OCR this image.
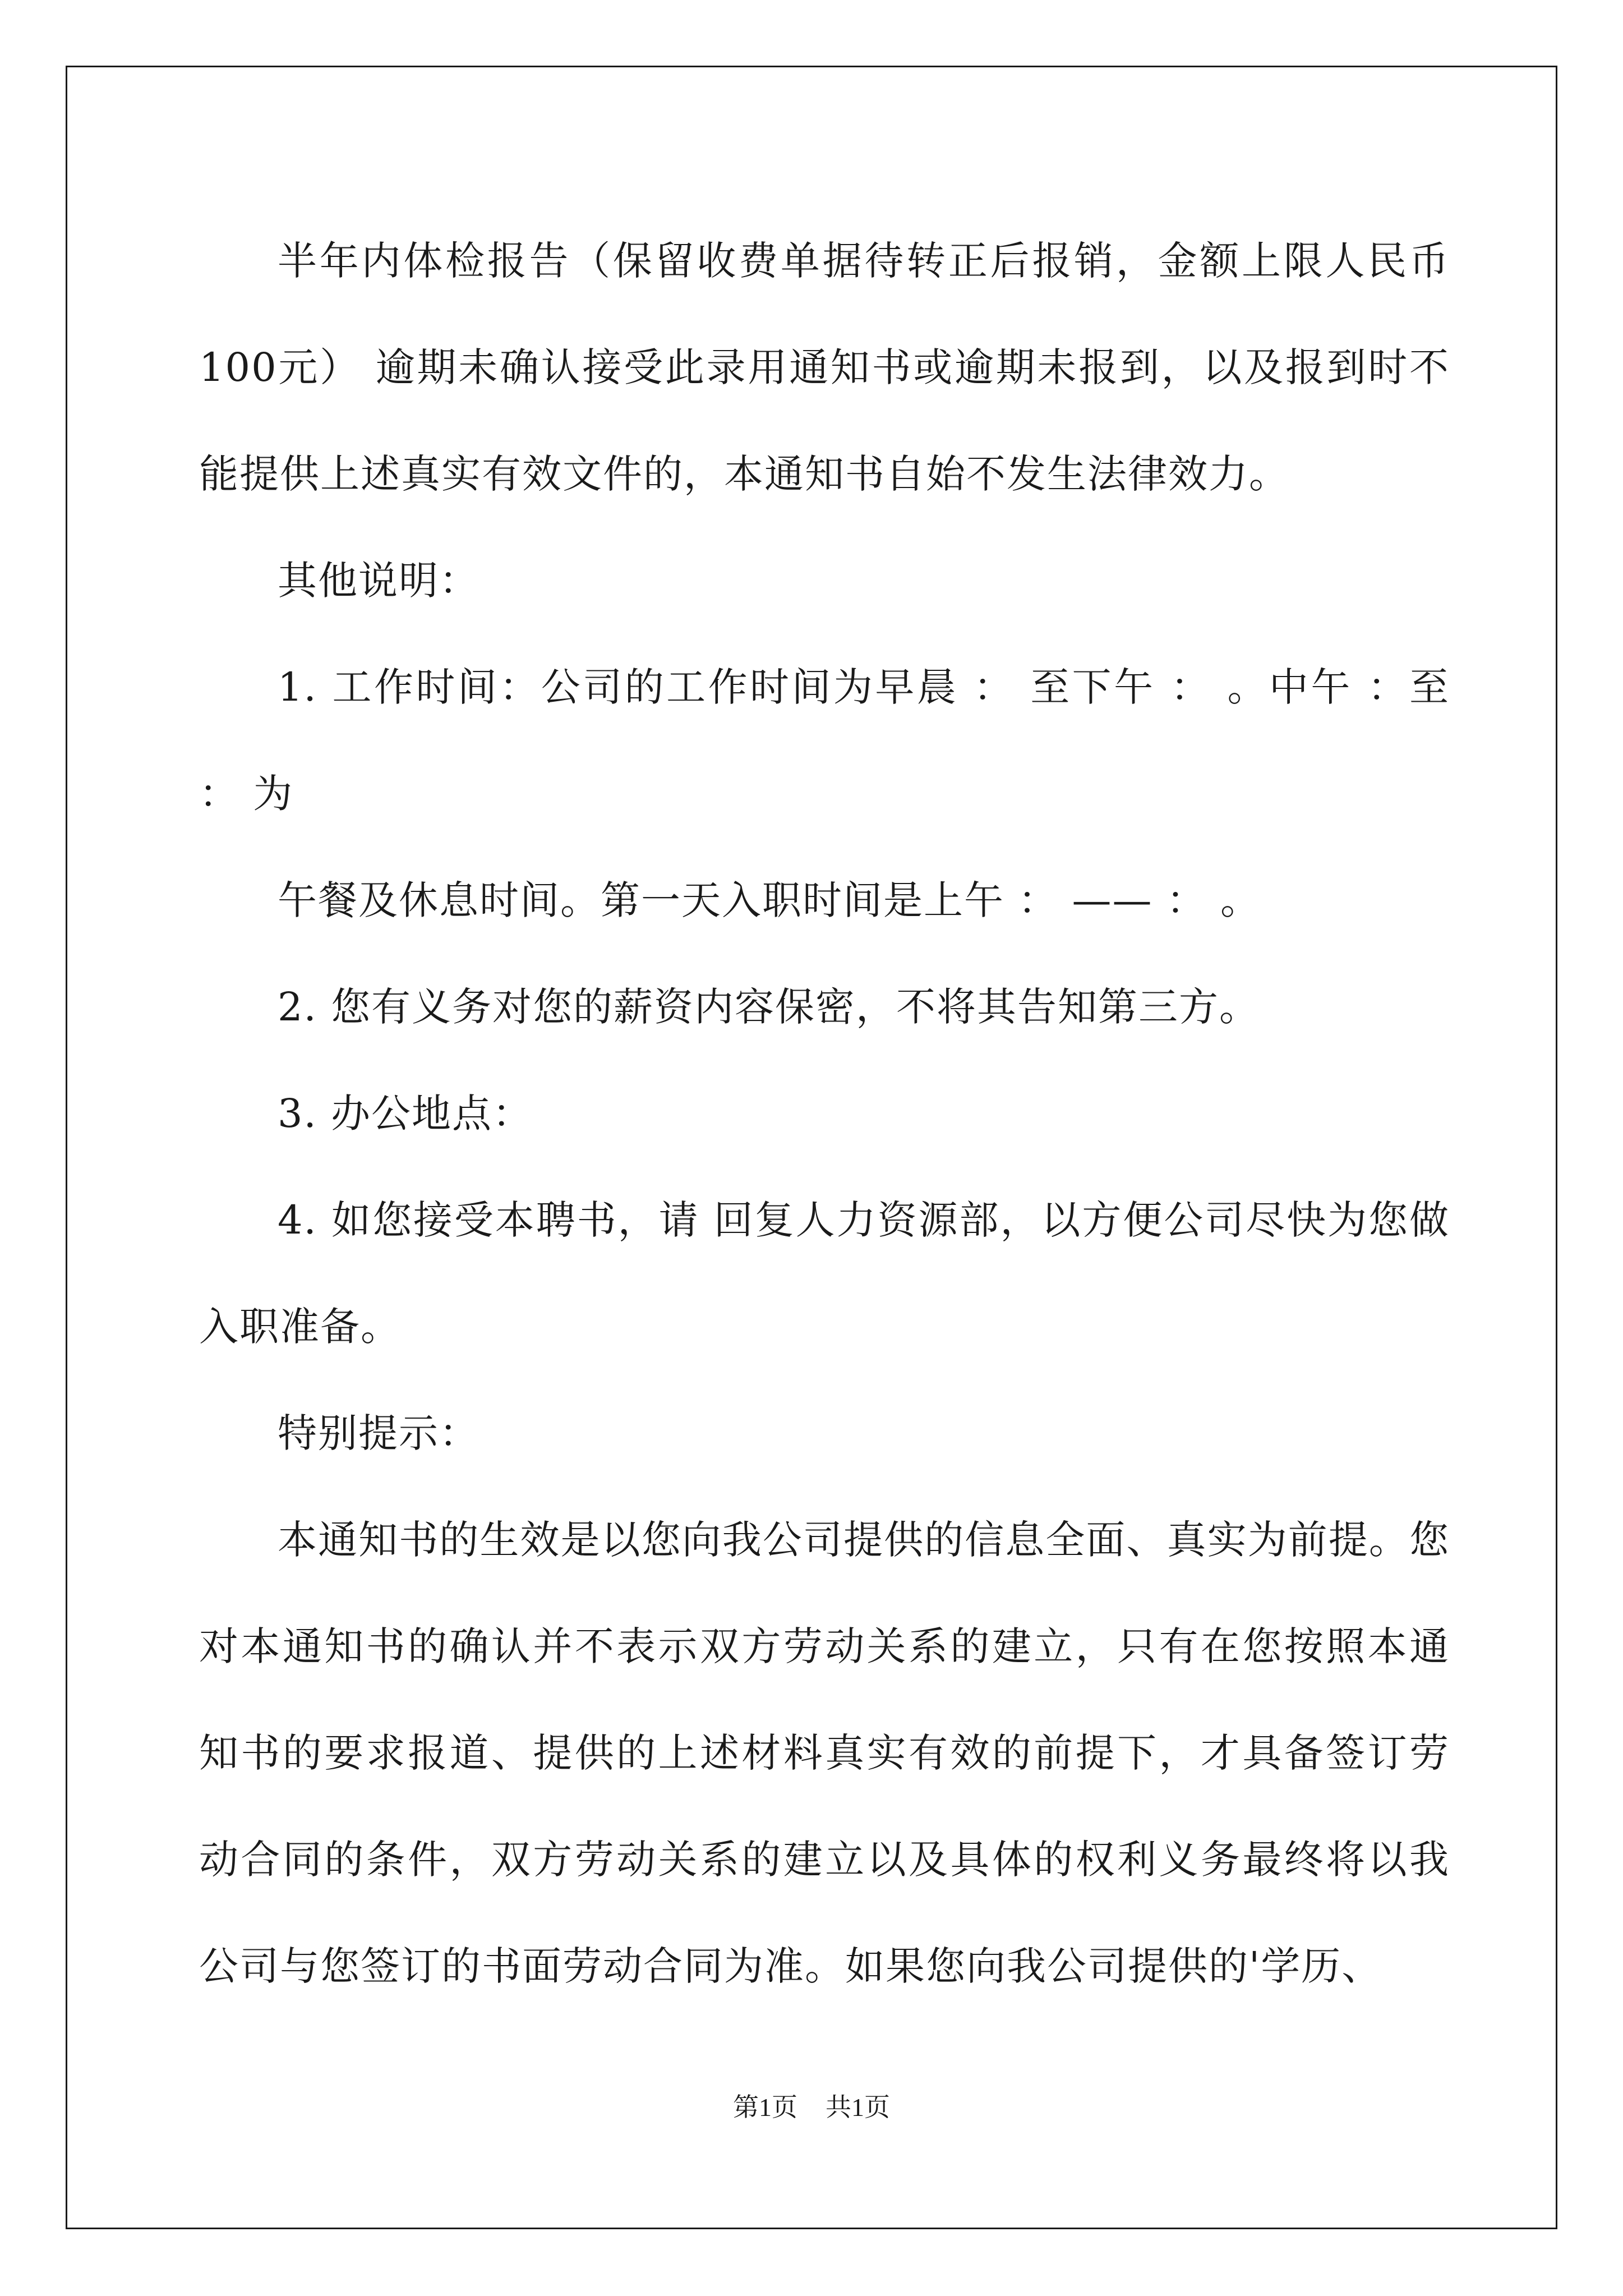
半年内体检报告（保留收费单据待转正后报销，金额上限人民币100元） 逾期未确认接受此录用通知书或逾期未报到，以及报到时不能提供上述真实有效文件的，本通知书自始不发生法律效力。

其他说明：

1. 工作时间：公司的工作时间为早晨 ： 至下午 ： 。中午 ：至 ： 为

午餐及休息时间。第一天入职时间是上午 ： —— ： 。

2. 您有义务对您的薪资内容保密，不将其告知第三方。

3. 办公地点：

4. 如您接受本聘书，请 回复人力资源部，以方便公司尽快为您做入职准备。

特别提示：

本通知书的生效是以您向我公司提供的信息全面、真实为前提。您对本通知书的确认并不表示双方劳动关系的建立，只有在您按照本通知书的要求报道、提供的上述材料真实有效的前提下，才具备签订劳动合同的条件，双方劳动关系的建立以及具体的权利义务最终将以我公司与您签订的书面劳动合同为准。如果您向我公司提供的'学历、

第1页 共1页
